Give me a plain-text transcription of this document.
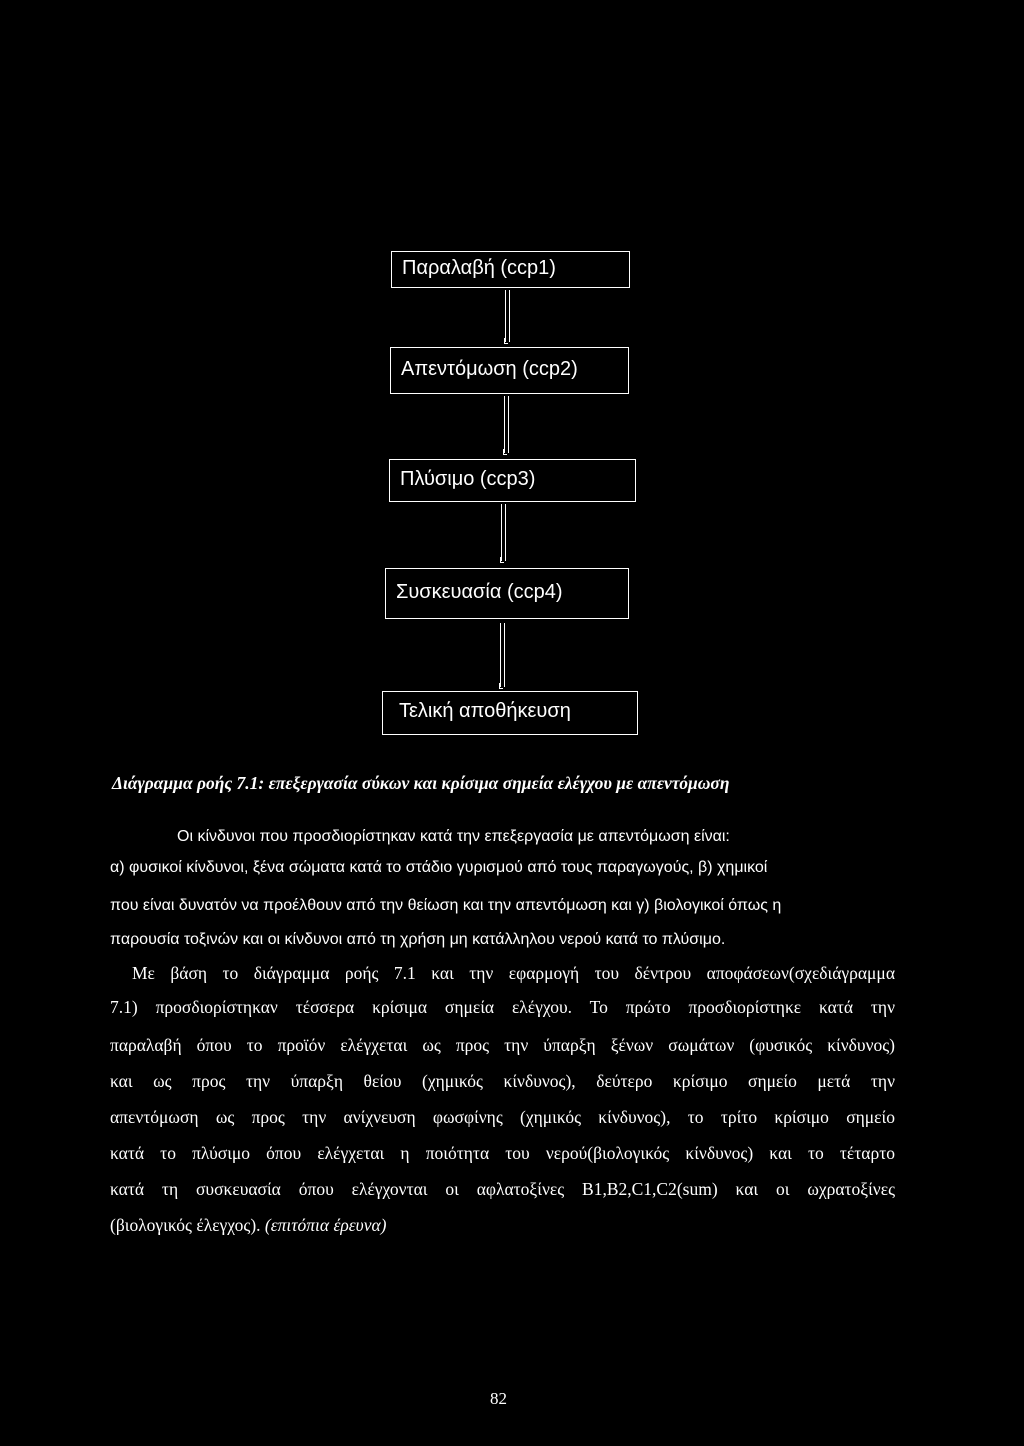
Παραλαβή (ccp1)
Απεντόμωση (ccp2)
Πλύσιμο (ccp3)
Συσκευασία (ccp4)
Τελική αποθήκευση
Διάγραμμα ροής 7.1: επεξεργασία σύκων και κρίσιμα σημεία ελέγχου με απεντόμωση
Οι κίνδυνοι που προσδιορίστηκαν κατά την επεξεργασία με απεντόμωση είναι:
α) φυσικοί κίνδυνοι, ξένα σώματα κατά το στάδιο γυρισμού από τους παραγωγούς, β) χημικοί
που είναι δυνατόν να προέλθουν από την θείωση και την απεντόμωση και γ) βιολογικοί όπως η
παρουσία τοξινών και οι κίνδυνοι από τη χρήση μη κατάλληλου νερού κατά το πλύσιμο.
Με βάση το διάγραμμα ροής 7.1 και την εφαρμογή του δέντρου αποφάσεων(σχεδιάγραμμα
7.1) προσδιορίστηκαν τέσσερα κρίσιμα σημεία ελέγχου. Το πρώτο προσδιορίστηκε κατά την
παραλαβή όπου το προϊόν ελέγχεται ως προς την ύπαρξη ξένων σωμάτων (φυσικός κίνδυνος)
και ως προς την ύπαρξη θείου (χημικός κίνδυνος), δεύτερο κρίσιμο σημείο μετά την
απεντόμωση ως προς την ανίχνευση φωσφίνης (χημικός κίνδυνος), το τρίτο κρίσιμο σημείο
κατά το πλύσιμο όπου ελέγχεται η ποιότητα του νερού(βιολογικός κίνδυνος) και το τέταρτο
κατά τη συσκευασία όπου ελέγχονται οι αφλατοξίνες Β1,Β2,C1,C2(sum) και οι ωχρατοξίνες
(βιολογικός έλεγχος). (επιτόπια έρευνα)
82
